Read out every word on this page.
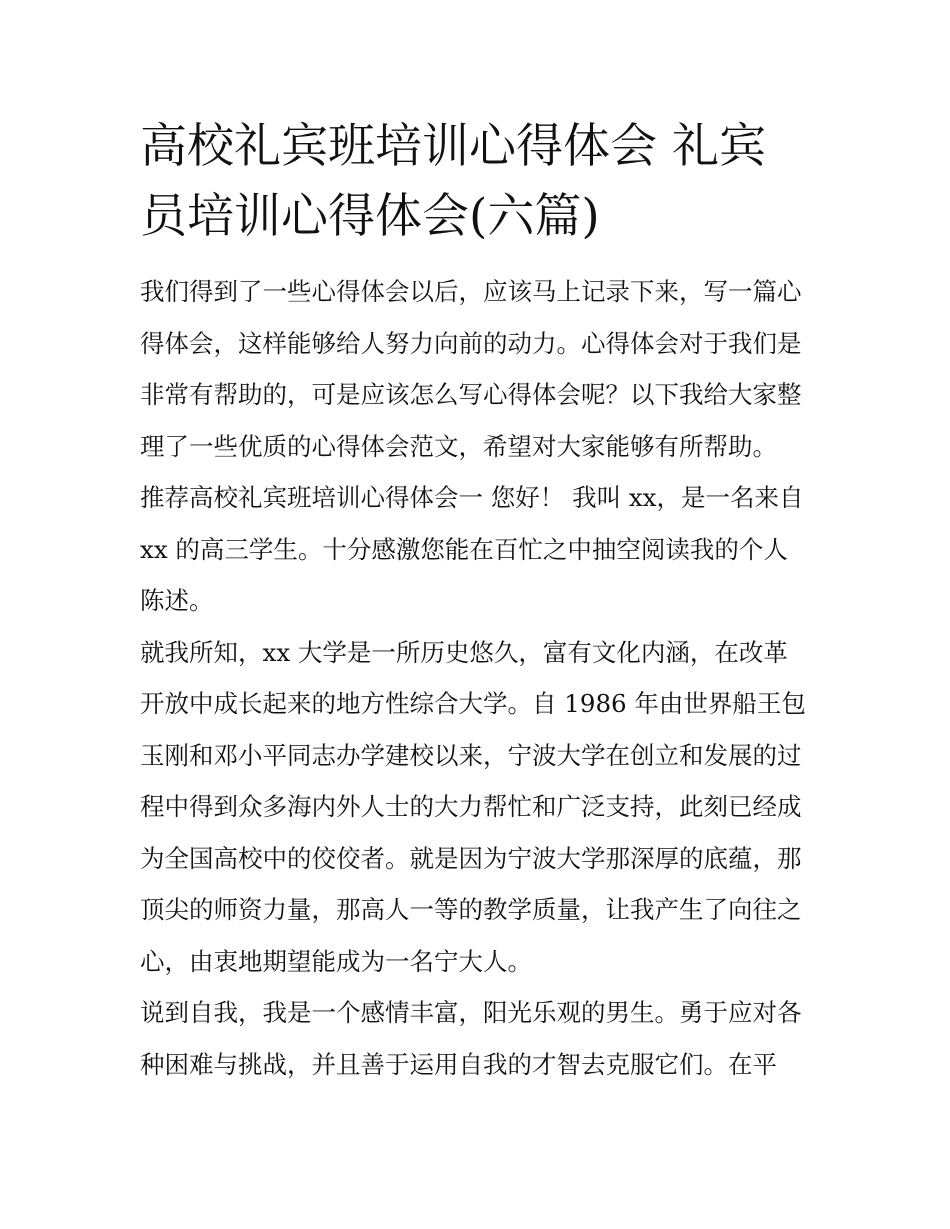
高校礼宾班培训心得体会 礼宾
员培训心得体会(六篇)

我们得到了一些心得体会以后，应该马上记录下来，写一篇心
得体会，这样能够给人努力向前的动力。心得体会对于我们是
非常有帮助的，可是应该怎么写心得体会呢？以下我给大家整
理了一些优质的心得体会范文，希望对大家能够有所帮助。

推荐高校礼宾班培训心得体会一 您好！ 我叫 xx，是一名来自
xx 的高三学生。十分感激您能在百忙之中抽空阅读我的个人
陈述。

就我所知，xx 大学是一所历史悠久，富有文化内涵，在改革
开放中成长起来的地方性综合大学。自 1986 年由世界船王包
玉刚和邓小平同志办学建校以来，宁波大学在创立和发展的过
程中得到众多海内外人士的大力帮忙和广泛支持，此刻已经成
为全国高校中的佼佼者。就是因为宁波大学那深厚的底蕴，那
顶尖的师资力量，那高人一等的教学质量，让我产生了向往之
心，由衷地期望能成为一名宁大人。

说到自我，我是一个感情丰富，阳光乐观的男生。勇于应对各
种困难与挑战，并且善于运用自我的才智去克服它们。在平
